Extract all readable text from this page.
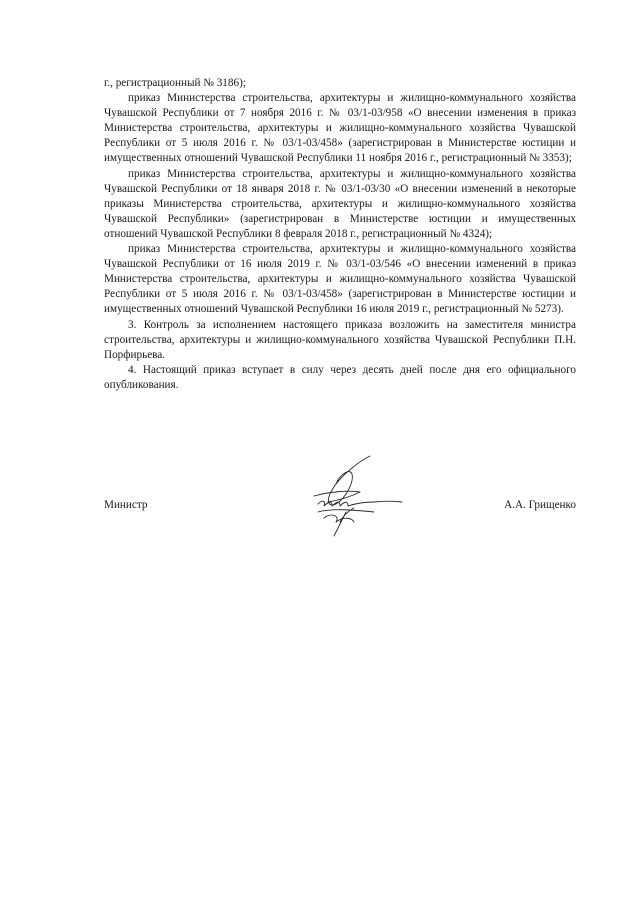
г., регистрационный № 3186);

приказ Министерства строительства, архитектуры и жилищно-коммунального хозяйства Чувашской Республики от 7 ноября 2016 г. № 03/1-03/958 «О внесении изменения в приказ Министерства строительства, архитектуры и жилищно-коммунального хозяйства Чувашской Республики от 5 июля 2016 г. № 03/1-03/458» (зарегистрирован в Министерстве юстиции и имущественных отношений Чувашской Республики 11 ноября 2016 г., регистрационный № 3353);

приказ Министерства строительства, архитектуры и жилищно-коммунального хозяйства Чувашской Республики от 18 января 2018 г. № 03/1-03/30 «О внесении изменений в некоторые приказы Министерства строительства, архитектуры и жилищно-коммунального хозяйства Чувашской Республики» (зарегистрирован в Министерстве юстиции и имущественных отношений Чувашской Республики 8 февраля 2018 г., регистрационный № 4324);

приказ Министерства строительства, архитектуры и жилищно-коммунального хозяйства Чувашской Республики от 16 июля 2019 г. № 03/1-03/546 «О внесении изменений в приказ Министерства строительства, архитектуры и жилищно-коммунального хозяйства Чувашской Республики от 5 июля 2016 г. № 03/1-03/458» (зарегистрирован в Министерстве юстиции и имущественных отношений Чувашской Республики 16 июля 2019 г., регистрационный № 5273).

3. Контроль за исполнением настоящего приказа возложить на заместителя министра строительства, архитектуры и жилищно-коммунального хозяйства Чувашской Республики П.Н. Порфирьева.

4. Настоящий приказ вступает в силу через десять дней после дня его официального опубликования.

Министр	А.А. Грищенко
